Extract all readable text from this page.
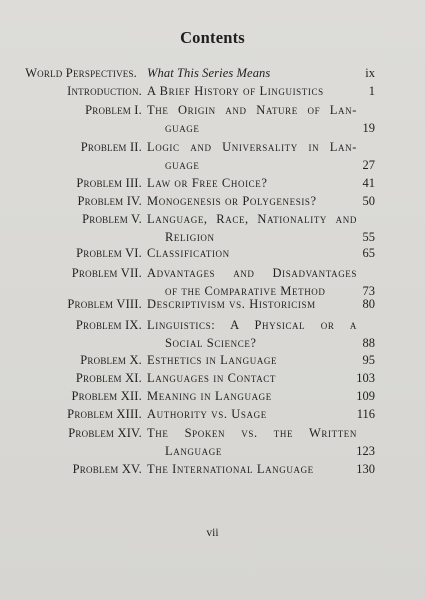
Contents
World Perspectives. What This Series Means	ix
Introduction. A Brief History of Linguistics	1
Problem I. The Origin and Nature of Lan-
guage	19
Problem II. Logic and Universality in Lan-
guage	27
Problem III. Law or Free Choice?	41
Problem IV. Monogenesis or Polygenesis?	50
Problem V. Language, Race, Nationality and
Religion	55
Problem VI. Classification	65
Problem VII. Advantages and Disadvantages
of the Comparative Method	73
Problem VIII. Descriptivism vs. Historicism	80
Problem IX. Linguistics: A Physical or a
Social Science?	88
Problem X. Esthetics in Language	95
Problem XI. Languages in Contact	103
Problem XII. Meaning in Language	109
Problem XIII. Authority vs. Usage	116
Problem XIV. The Spoken vs. the Written
Language	123
Problem XV. The International Language	130
vii
